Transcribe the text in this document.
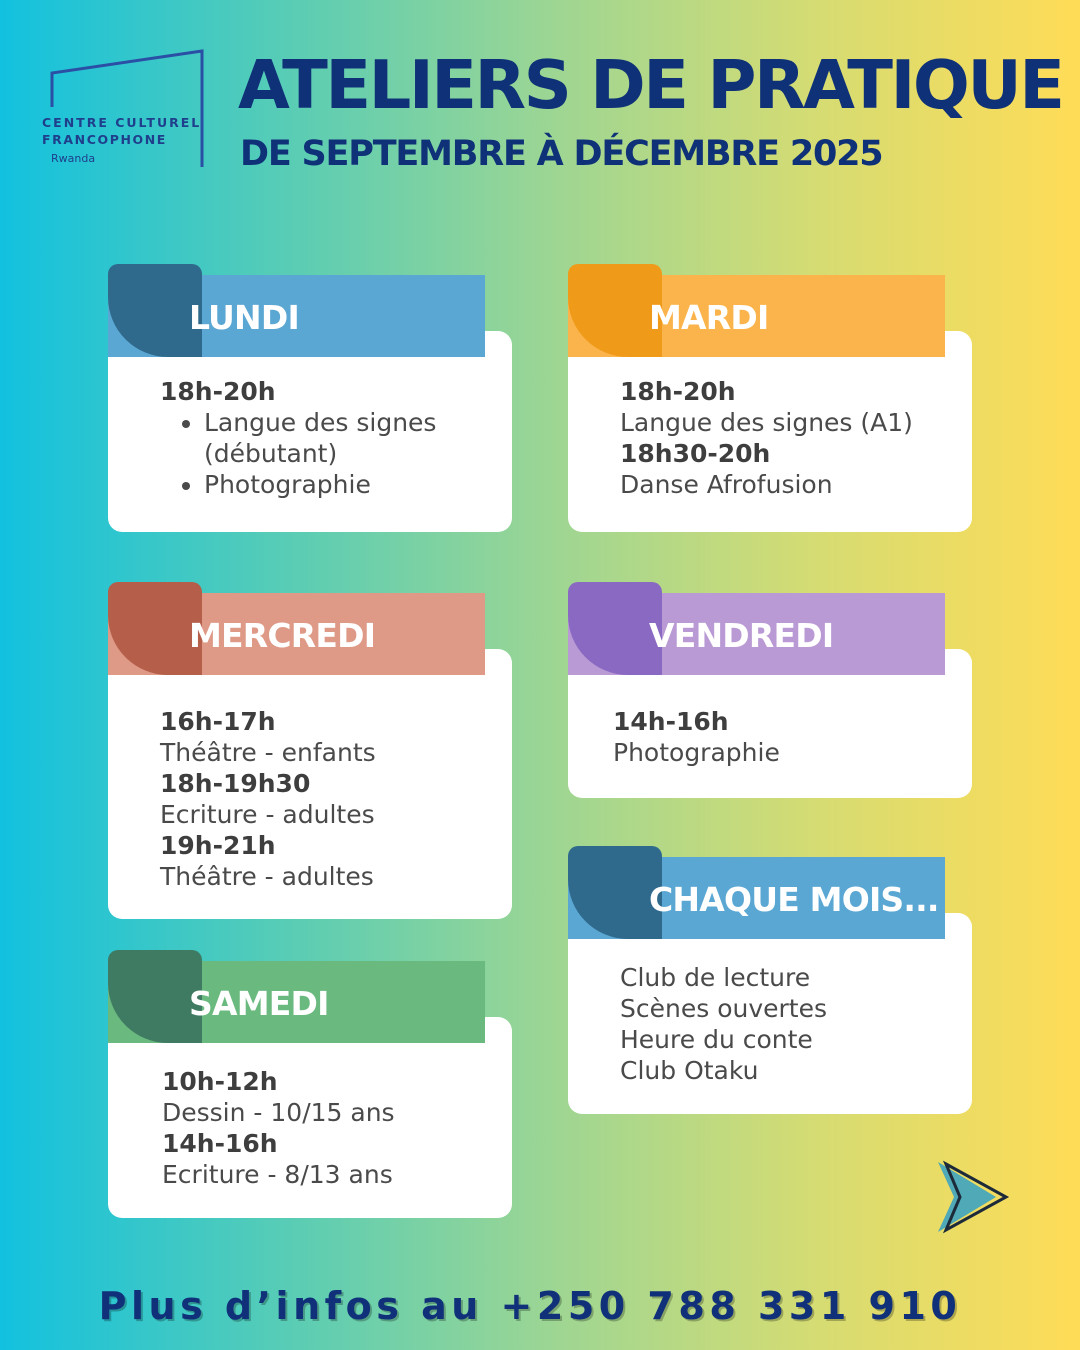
CENTRE CULTUREL
FRANCOPHONE
Rwanda
ATELIERS DE PRATIQUE
DE SEPTEMBRE À DÉCEMBRE 2025
LUNDI
18h-20h
• Langue des signes (débutant)
• Photographie
MARDI
18h-20h
Langue des signes (A1)
18h30-20h
Danse Afrofusion
MERCREDI
16h-17h
Théâtre - enfants
18h-19h30
Ecriture - adultes
19h-21h
Théâtre - adultes
VENDREDI
14h-16h
Photographie
CHAQUE MOIS...
Club de lecture
Scènes ouvertes
Heure du conte
Club Otaku
SAMEDI
10h-12h
Dessin - 10/15 ans
14h-16h
Ecriture - 8/13 ans

Plus d’infos au +250 788 331 910
